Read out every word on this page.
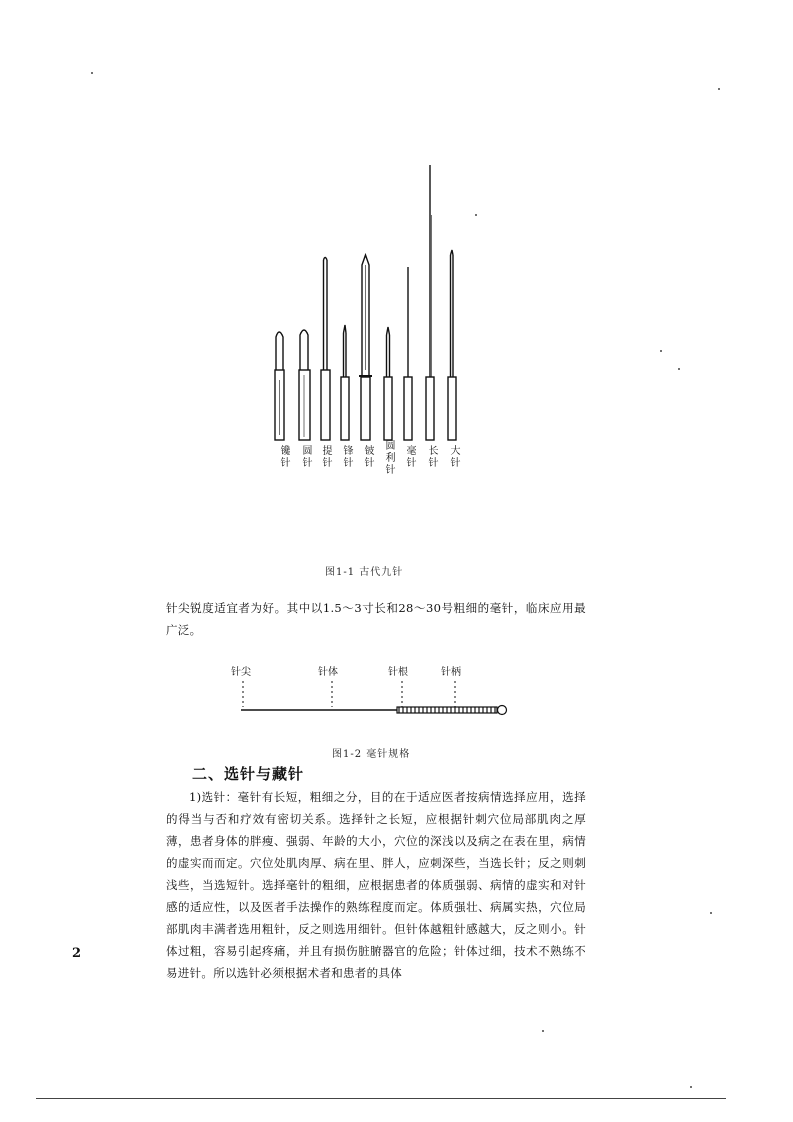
镵针 圆针 提针 锋针 铍针 圆利针 毫针 长针 大针
图1-1 古代九针
针尖锐度适宜者为好。其中以1.5～3寸长和28～30号粗细的毫针，临床应用最广泛。
针尖	针体	针根	针柄
图1-2 毫针规格
二、选针与藏针
1)选针：毫针有长短，粗细之分，目的在于适应医者按病情选择应用，选择的得当与否和疗效有密切关系。选择针之长短，应根据针刺穴位局部肌肉之厚薄，患者身体的胖瘦、强弱、年龄的大小，穴位的深浅以及病之在表在里，病情的虚实而而定。穴位处肌肉厚、病在里、胖人，应刺深些，当选长针；反之则刺浅些，当选短针。选择毫针的粗细，应根据患者的体质强弱、病情的虚实和对针感的适应性，以及医者手法操作的熟练程度而定。体质强壮、病属实热，穴位局部肌肉丰满者选用粗针，反之则选用细针。但针体越粗针感越大，反之则小。针体过粗，容易引起疼痛，并且有损伤脏腑器官的危险；针体过细，技术不熟练不易进针。所以选针必须根据术者和患者的具体
2
